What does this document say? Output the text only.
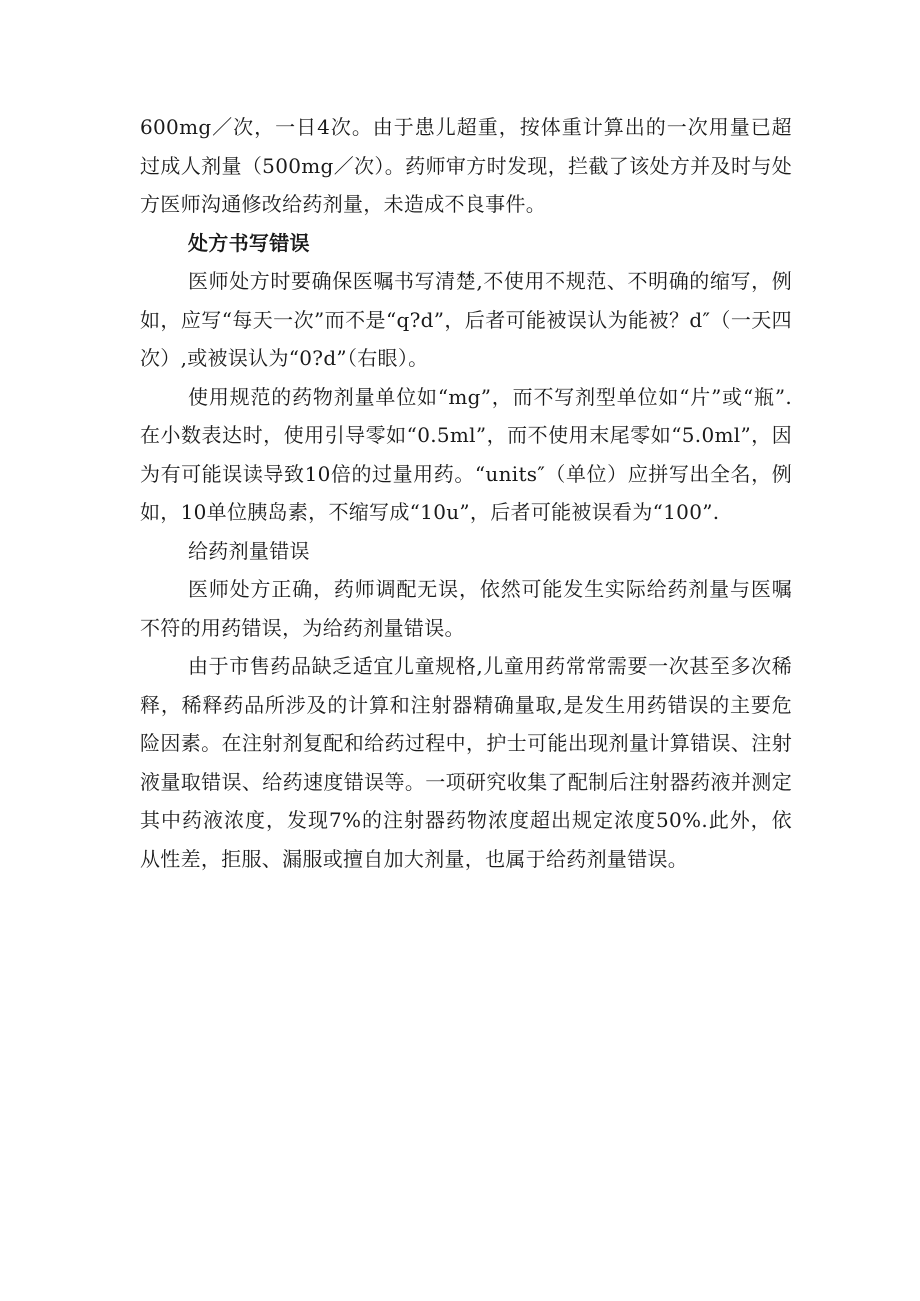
600mg／次，一日4次。由于患儿超重，按体重计算出的一次用量已超过成人剂量（500mg／次）。药师审方时发现，拦截了该处方并及时与处方医师沟通修改给药剂量，未造成不良事件。

处方书写错误

医师处方时要确保医嘱书写清楚,不使用不规范、不明确的缩写，例如，应写“每天一次”而不是“q?d”，后者可能被误认为能被？d″（一天四次）,或被误认为“0?d”（右眼）。

使用规范的药物剂量单位如“mg”，而不写剂型单位如“片”或“瓶”.在小数表达时，使用引导零如“0.5ml”，而不使用末尾零如“5.0ml”，因为有可能误读导致10倍的过量用药。“units″（单位）应拼写出全名，例如，10单位胰岛素，不缩写成“10u”，后者可能被误看为“100”.

给药剂量错误

医师处方正确，药师调配无误，依然可能发生实际给药剂量与医嘱不符的用药错误，为给药剂量错误。

由于市售药品缺乏适宜儿童规格,儿童用药常常需要一次甚至多次稀释，稀释药品所涉及的计算和注射器精确量取,是发生用药错误的主要危险因素。在注射剂复配和给药过程中，护士可能出现剂量计算错误、注射液量取错误、给药速度错误等。一项研究收集了配制后注射器药液并测定其中药液浓度，发现7%的注射器药物浓度超出规定浓度50%.此外，依从性差，拒服、漏服或擅自加大剂量，也属于给药剂量错误。
